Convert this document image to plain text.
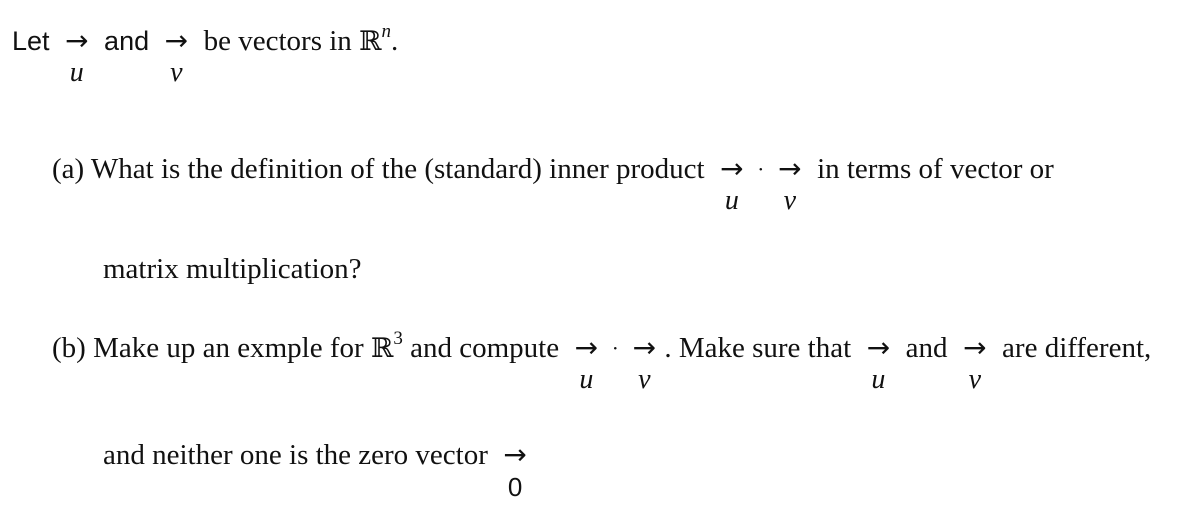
Let →
u
and →
v
be vectors in ℝ$^n$.
(a) What is the definition of the (standard) inner product →
u
· →
v
in terms of vector or
matrix multiplication?
(b) Make up an exmple for ℝ$^3$ and compute →
u
· →
v
. Make sure that →
u
and →
v
are different,
and neither one is the zero vector →
0
